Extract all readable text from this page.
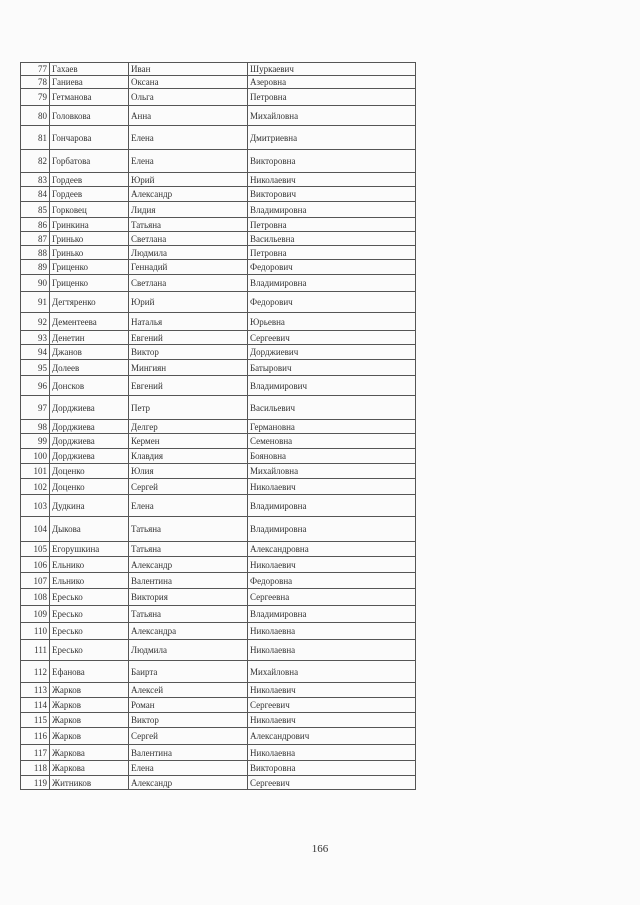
77	Гахаев	Иван	Шуркаевич
78	Ганиева	Оксана	Азеровна
79	Гетманова	Ольга	Петровна
80	Головкова	Анна	Михайловна
81	Гончарова	Елена	Дмитриевна
82	Горбатова	Елена	Викторовна
83	Гордеев	Юрий	Николаевич
84	Гордеев	Александр	Викторович
85	Горковец	Лидия	Владимировна
86	Гринкина	Татьяна	Петровна
87	Гринько	Светлана	Васильевна
88	Гринько	Людмила	Петровна
89	Гриценко	Геннадий	Федорович
90	Гриценко	Светлана	Владимировна
91	Дегтяренко	Юрий	Федорович
92	Дементеева	Наталья	Юрьевна
93	Денетин	Евгений	Сергеевич
94	Джанов	Виктор	Дорджиевич
95	Долеев	Мингиян	Батырович
96	Донсков	Евгений	Владимирович
97	Дорджиева	Петр	Васильевич
98	Дорджиева	Делгер	Германовна
99	Дорджиева	Кермен	Семеновна
100	Дорджиева	Клавдия	Бояновна
101	Доценко	Юлия	Михайловна
102	Доценко	Сергей	Николаевич
103	Дудкина	Елена	Владимировна
104	Дыкова	Татьяна	Владимировна
105	Егорушкина	Татьяна	Александровна
106	Ельнико	Александр	Николаевич
107	Ельнико	Валентина	Федоровна
108	Ересько	Виктория	Сергеевна
109	Ересько	Татьяна	Владимировна
110	Ересько	Александра	Николаевна
111	Ересько	Людмила	Николаевна
112	Ефанова	Баирта	Михайловна
113	Жарков	Алексей	Николаевич
114	Жарков	Роман	Сергеевич
115	Жарков	Виктор	Николаевич
116	Жарков	Сергей	Александрович
117	Жаркова	Валентина	Николаевна
118	Жаркова	Елена	Викторовна
119	Житников	Александр	Сергеевич
166
